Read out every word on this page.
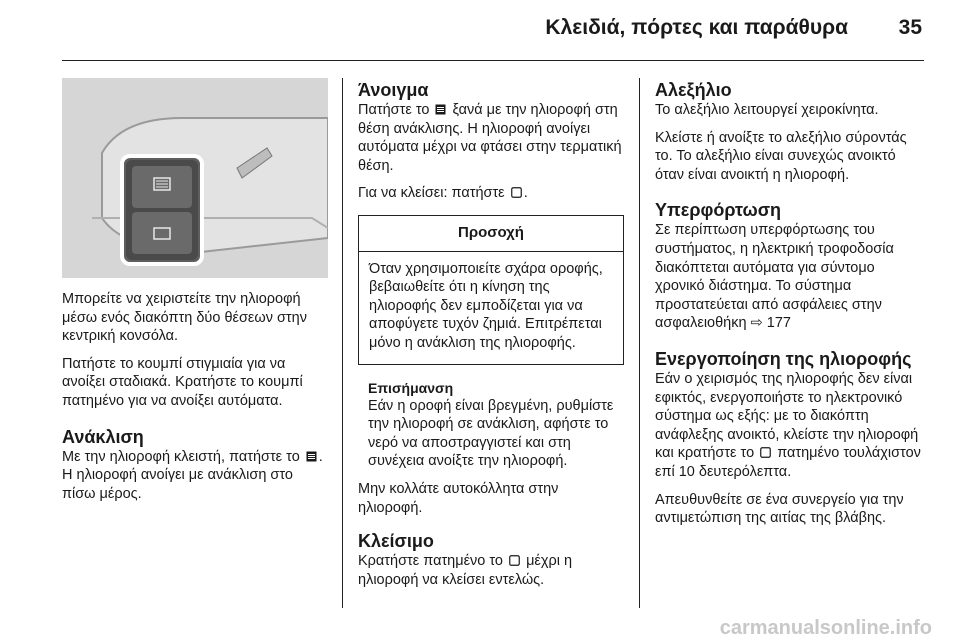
Κλειδιά, πόρτες και παράθυρα 35

Μπορείτε να χειριστείτε την ηλιοροφή μέσω ενός διακόπτη δύο θέσεων στην κεντρική κονσόλα.

Πατήστε το κουμπί στιγμιαία για να ανοίξει σταδιακά. Κρατήστε το κουμπί πατημένο για να ανοίξει αυτόματα.

Ανάκλιση

Με την ηλιοροφή κλειστή, πατήστε το . Η ηλιοροφή ανοίγει με ανάκλιση στο πίσω μέρος.

Άνοιγμα

Πατήστε το ξανά με την ηλιοροφή στη θέση ανάκλισης. Η ηλιοροφή ανοίγει αυτόματα μέχρι να φτάσει στην τερματική θέση.

Για να κλείσει: πατήστε .

Προσοχή

Όταν χρησιμοποιείτε σχάρα οροφής, βεβαιωθείτε ότι η κίνηση της ηλιοροφής δεν εμποδίζεται για να αποφύγετε τυχόν ζημιά. Επιτρέπεται μόνο η ανάκλιση της ηλιοροφής.

Επισήμανση

Εάν η οροφή είναι βρεγμένη, ρυθμίστε την ηλιοροφή σε ανάκλιση, αφήστε το νερό να αποστραγγιστεί και στη συνέχεια ανοίξτε την ηλιοροφή.

Μην κολλάτε αυτοκόλλητα στην ηλιοροφή.

Κλείσιμο

Κρατήστε πατημένο το μέχρι η ηλιοροφή να κλείσει εντελώς.

Αλεξήλιο

Το αλεξήλιο λειτουργεί χειροκίνητα.

Κλείστε ή ανοίξτε το αλεξήλιο σύροντάς το. Το αλεξήλιο είναι συνεχώς ανοικτό όταν είναι ανοικτή η ηλιοροφή.

Υπερφόρτωση

Σε περίπτωση υπερφόρτωσης του συστήματος, η ηλεκτρική τροφοδοσία διακόπτεται αυτόματα για σύντομο χρονικό διάστημα. Το σύστημα προστατεύεται από ασφάλειες στην ασφαλειοθήκη ⇨ 177

Ενεργοποίηση της ηλιοροφής

Εάν ο χειρισμός της ηλιοροφής δεν είναι εφικτός, ενεργοποιήστε το ηλεκτρονικό σύστημα ως εξής: με το διακόπτη ανάφλεξης ανοικτό, κλείστε την ηλιοροφή και κρατήστε το πατημένο τουλάχιστον επί 10 δευτερόλεπτα.

Απευθυνθείτε σε ένα συνεργείο για την αντιμετώπιση της αιτίας της βλάβης.

carmanualsonline.info
